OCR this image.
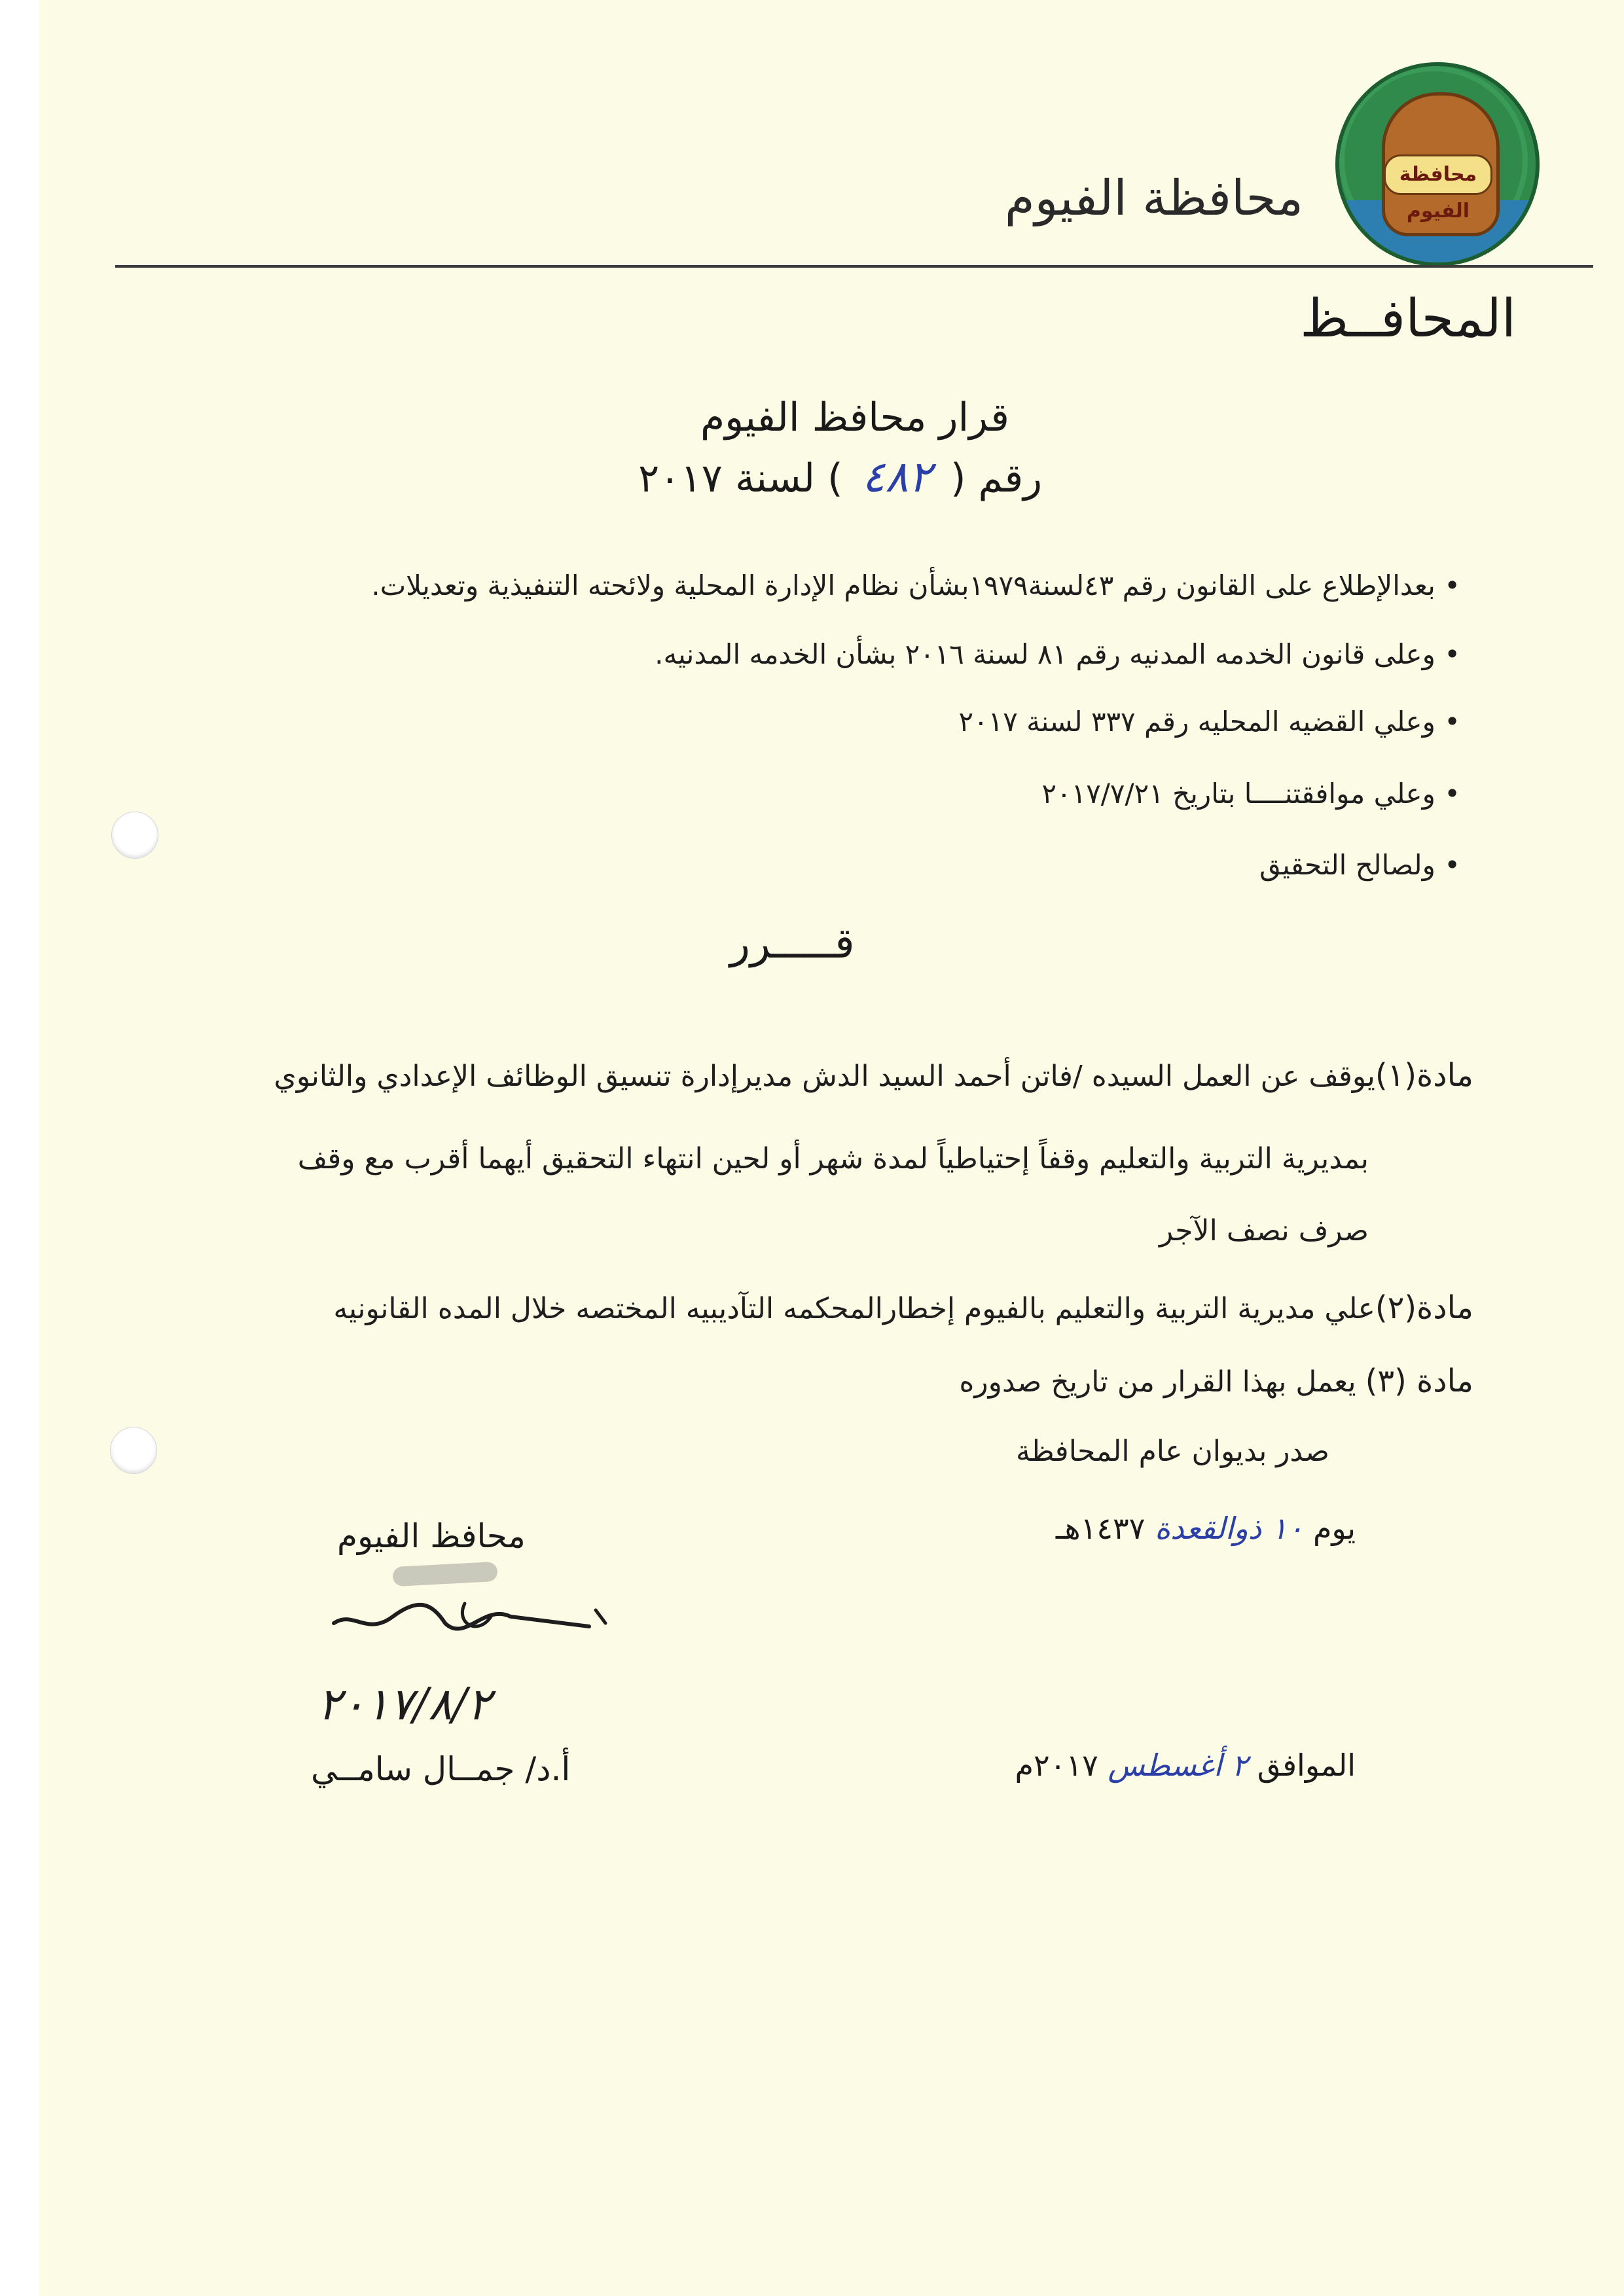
محافظة الفيوم
محافظة الفيوم
المحافــظ
قرار محافظ الفيوم
رقم ( ٤٨٢ ) لسنة ٢٠١٧
• بعدالإطلاع على القانون رقم ٤٣لسنة١٩٧٩بشأن نظام الإدارة المحلية ولائحته التنفيذية وتعديلات.
• وعلى قانون الخدمه المدنيه رقم ٨١ لسنة ٢٠١٦ بشأن الخدمه المدنيه.
• وعلي القضيه المحليه رقم ٣٣٧ لسنة ٢٠١٧
• وعلي موافقتنــــا بتاريخ ٢٠١٧/٧/٢١
• ولصالح التحقيق
قـــــرر
مادة(١)يوقف عن العمل السيده /فاتن أحمد السيد الدش مديرإدارة تنسيق الوظائف الإعدادي والثانوي
بمديرية التربية والتعليم وقفاً إحتياطياً لمدة شهر أو لحين انتهاء التحقيق أيهما أقرب مع وقف
صرف نصف الآجر
مادة(٢)علي مديرية التربية والتعليم بالفيوم إخطارالمحكمه التآديبيه المختصه خلال المده القانونيه
مادة (٣) يعمل بهذا القرار من تاريخ صدوره
صدر بديوان عام المحافظة
يوم ١٠ ذوالقعدة ١٤٣٧هـ
الموافق ٢ أغسطس ٢٠١٧م
محافظ الفيوم
٢٠١٧/٨/٢
أ.د/ جمــال سامــي
